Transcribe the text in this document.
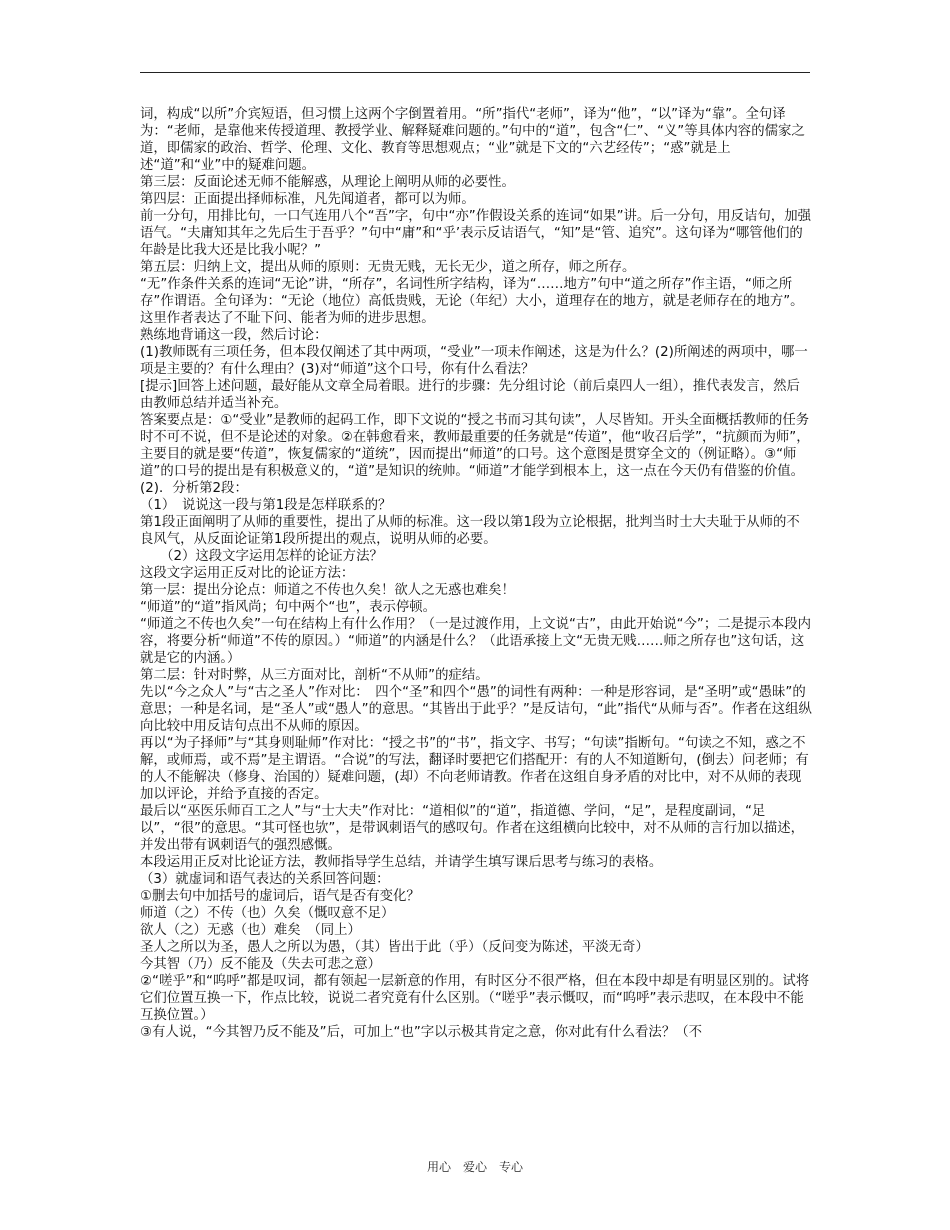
词，构成“以所”介宾短语，但习惯上这两个字倒置着用。“所”指代“老师”，译为“他”，“以”译为“靠”。全句译为：“老师，是靠他来传授道理、教授学业、解释疑难问题的。”句中的“道”，包含“仁”、“义”等具体内容的儒家之道，即儒家的政治、哲学、伦理、文化、教育等思想观点；“业”就是下文的“六艺经传”；“惑”就是上述“道”和“业”中的疑难问题。

第三层：反面论述无师不能解惑，从理论上阐明从师的必要性。

第四层：正面提出择师标准，凡先闻道者，都可以为师。

前一分句，用排比句，一口气连用八个“吾”字，句中“亦”作假设关系的连词“如果”讲。后一分句，用反诘句，加强语气。“夫庸知其年之先后生于吾乎？”句中“庸”和“乎’表示反诘语气，“知”是“管、追究”。这句译为“哪管他们的年龄是比我大还是比我小呢？”

第五层：归纳上文，提出从师的原则：无贵无贱，无长无少，道之所存，师之所存。

“无”作条件关系的连词“无论”讲，“所存”，名词性所字结构，译为“……地方”句中“道之所存”作主语，“师之所存”作谓语。全句译为：“无论（地位）高低贵贱，无论（年纪）大小，道理存在的地方，就是老师存在的地方”。这里作者表达了不耻下问、能者为师的进步思想。

熟练地背诵这一段，然后讨论：

(1)教师既有三项任务，但本段仅阐述了其中两项，“受业”一项未作阐述，这是为什么？(2)所阐述的两项中，哪一项是主要的？有什么理由？(3)对“师道”这个口号，你有什么看法？

[提示]回答上述问题，最好能从文章全局着眼。进行的步骤：先分组讨论（前后桌四人一组），推代表发言，然后由教师总结并适当补充。

答案要点是：①“受业”是教师的起码工作，即下文说的“授之书而习其句读”，人尽皆知。开头全面概括教师的任务时不可不说，但不是论述的对象。②在韩愈看来，教师最重要的任务就是“传道”，他“收召后学”，“抗颜而为师”，主要目的就是要“传道”，恢复儒家的“道统”，因而提出“师道”的口号。这个意图是贯穿全文的（例证略）。③“师道”的口号的提出是有积极意义的，“道”是知识的统帅。“师道”才能学到根本上，这一点在今天仍有借鉴的价值。

(2)．分析第2段：

（1）　说说这一段与第1段是怎样联系的？

第1段正面阐明了从师的重要性，提出了从师的标准。这一段以第1段为立论根据，批判当时士大夫耻于从师的不良风气，从反面论证第1段所提出的观点，说明从师的必要。

　　（2）这段文字运用怎样的论证方法？

这段文字运用正反对比的论证方法：

第一层：提出分论点：师道之不传也久矣！欲人之无惑也难矣！

“师道”的“道”指风尚；句中两个“也”，表示停顿。

“师道之不传也久矣”一句在结构上有什么作用？（一是过渡作用，上文说“古”，由此开始说“今”；二是提示本段内容，将要分析“师道”不传的原因。）“师道”的内涵是什么？（此语承接上文“无贵无贱……师之所存也”这句话，这就是它的内涵。）

第二层：针对时弊，从三方面对比，剖析“不从师”的症结。

先以“今之众人”与“古之圣人”作对比：　四个“圣”和四个“愚”的词性有两种：一种是形容词，是“圣明”或“愚昧”的意思；一种是名词，是“圣人”或“愚人”的意思。“其皆出于此乎？”是反诘句，“此”指代“从师与否”。作者在这组纵向比较中用反诘句点出不从师的原因。

再以“为子择师”与“其身则耻师”作对比：“授之书”的“书”，指文字、书写；“句读”指断句。“句读之不知，惑之不解，或师焉，或不焉”是主谓语。“合说”的写法，翻译时要把它们搭配开：有的人不知道断句，(倒去）问老师；有的人不能解决（修身、治国的）疑难问题，(却）不向老师请教。作者在这组自身矛盾的对比中，对不从师的表现加以评论，并给予直接的否定。

最后以“巫医乐师百工之人”与“士大夫”作对比：“道相似”的“道”，指道德、学问，“足”，是程度副词，“足以”，“很”的意思。“其可怪也欤”，是带讽刺语气的感叹句。作者在这组横向比较中，对不从师的言行加以描述，并发出带有讽刺语气的强烈感慨。

本段运用正反对比论证方法，教师指导学生总结，并请学生填写课后思考与练习的表格。

（3）就虚词和语气表达的关系回答问题：

①删去句中加括号的虚词后，语气是否有变化？

师道（之）不传（也）久矣（慨叹意不足）

欲人（之）无惑（也）难矣　（同上）

圣人之所以为圣，愚人之所以为愚，（其）皆出于此（乎）（反问变为陈述，平淡无奇）

今其智（乃）反不能及（失去可悲之意）

②“嗟乎”和“呜呼”都是叹词，都有领起一层新意的作用，有时区分不很严格，但在本段中却是有明显区别的。试将它们位置互换一下，作点比较，说说二者究竟有什么区别。（“嗟乎”表示慨叹，而“呜呼”表示悲叹，在本段中不能互换位置。）

③有人说，“今其智乃反不能及”后，可加上“也”字以示极其肯定之意，你对此有什么看法？（不

用心　爱心　专心
